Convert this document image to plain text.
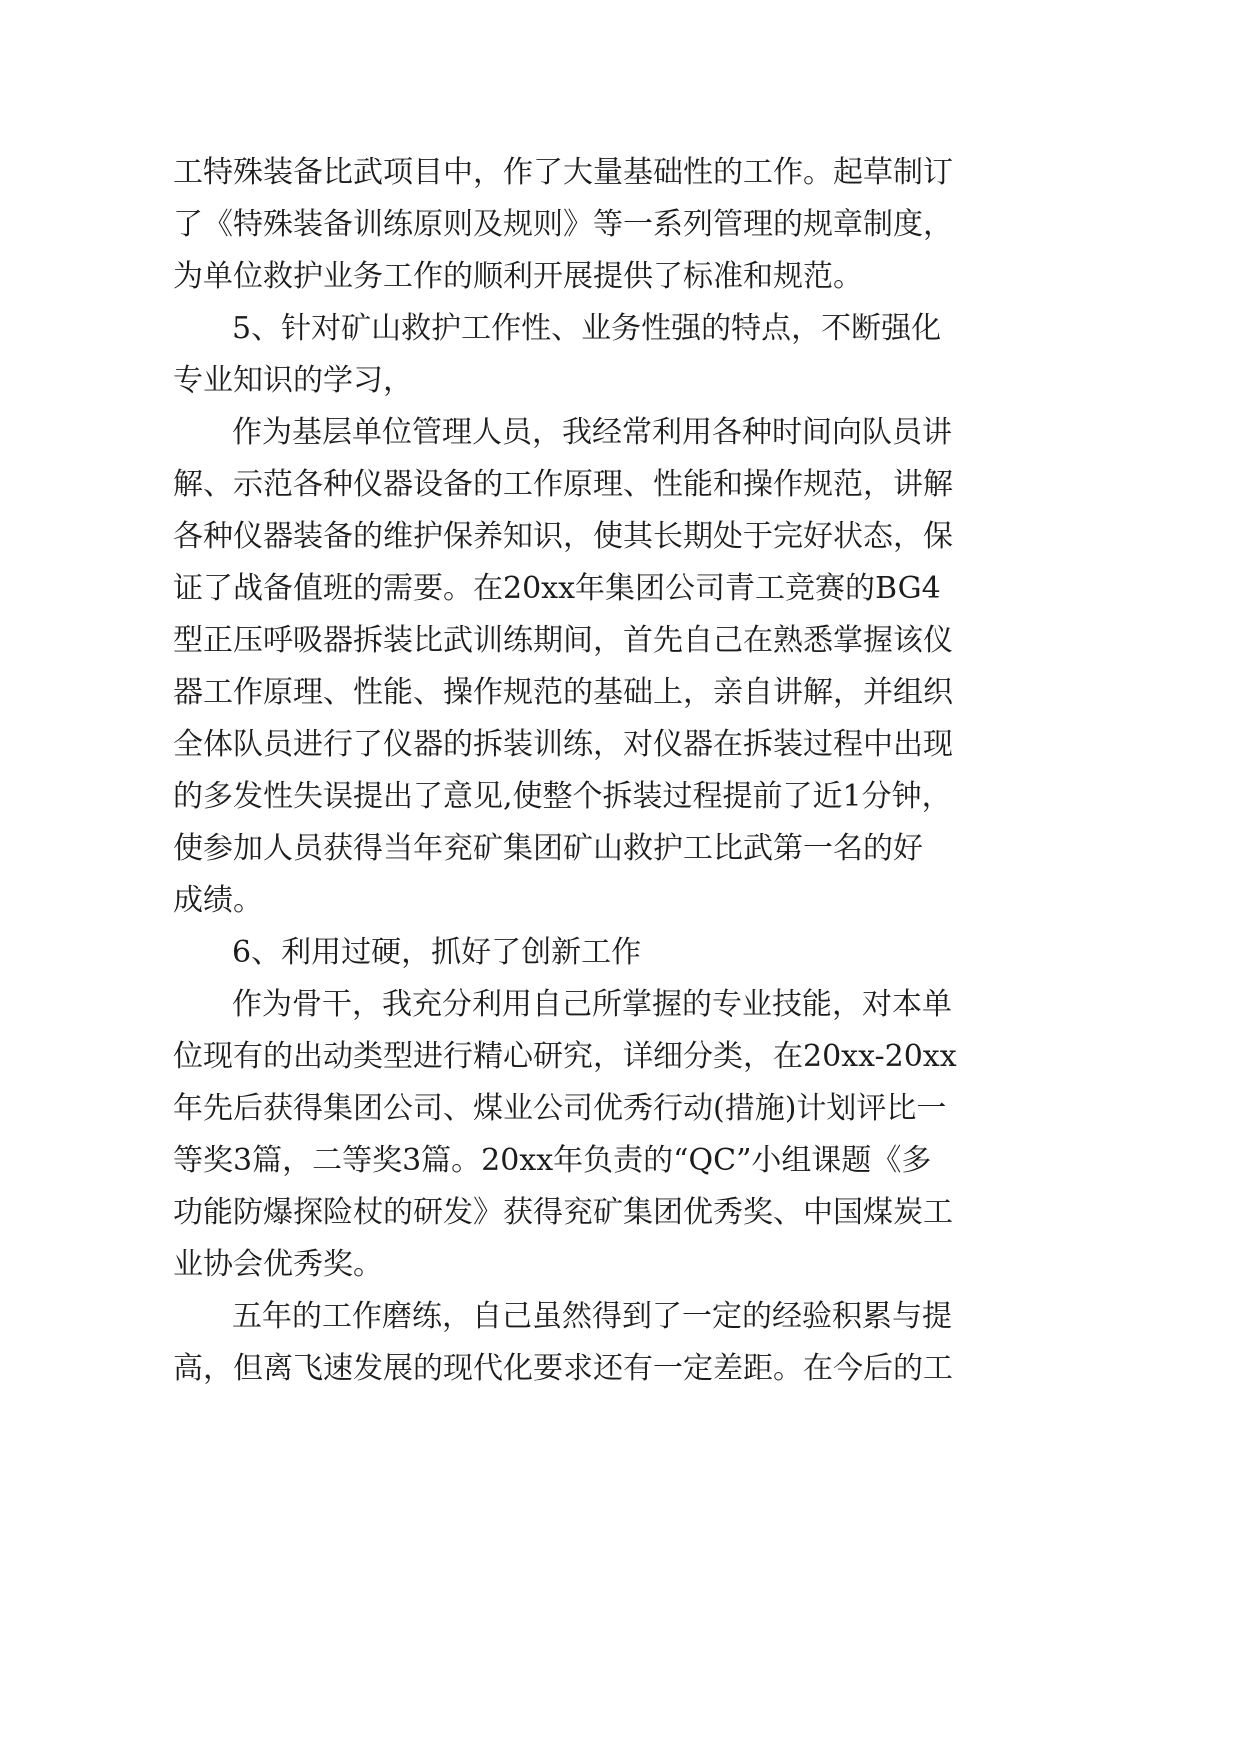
工特殊装备比武项目中，作了大量基础性的工作。起草制订
了《特殊装备训练原则及规则》等一系列管理的规章制度，
为单位救护业务工作的顺利开展提供了标准和规范。
5、针对矿山救护工作性、业务性强的特点，不断强化
专业知识的学习，
作为基层单位管理人员，我经常利用各种时间向队员讲
解、示范各种仪器设备的工作原理、性能和操作规范，讲解
各种仪器装备的维护保养知识，使其长期处于完好状态，保
证了战备值班的需要。在20xx年集团公司青工竞赛的BG4
型正压呼吸器拆装比武训练期间，首先自己在熟悉掌握该仪
器工作原理、性能、操作规范的基础上，亲自讲解，并组织
全体队员进行了仪器的拆装训练，对仪器在拆装过程中出现
的多发性失误提出了意见,使整个拆装过程提前了近1分钟，
使参加人员获得当年兖矿集团矿山救护工比武第一名的好
成绩。
6、利用过硬，抓好了创新工作
作为骨干，我充分利用自己所掌握的专业技能，对本单
位现有的出动类型进行精心研究，详细分类，在20xx-20xx
年先后获得集团公司、煤业公司优秀行动(措施)计划评比一
等奖3篇，二等奖3篇。20xx年负责的“QC”小组课题《多
功能防爆探险杖的研发》获得兖矿集团优秀奖、中国煤炭工
业协会优秀奖。
五年的工作磨练，自己虽然得到了一定的经验积累与提
高，但离飞速发展的现代化要求还有一定差距。在今后的工
